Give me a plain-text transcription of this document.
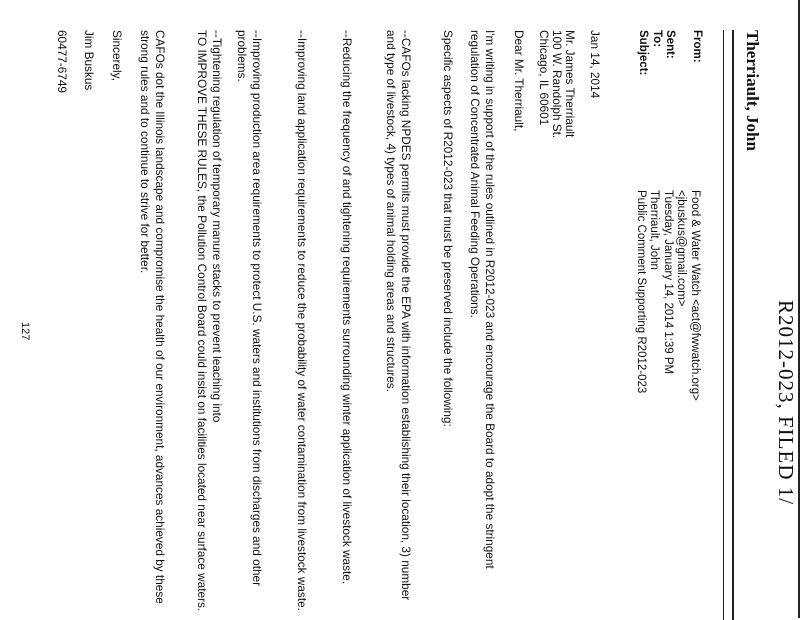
R2012-023, FILED 1/
Therriault, John
From:
Food & Water Watch <act@fwwatch.org>
<jbuskus@gmail.com>
Tuesday, January 14, 2014 1:39 PM
Therriault, John
Public Comment Supporting R2012-023
Sent:
To:
Subject:
Jan 14, 2014
Mr. James Therriault
100 W. Randolph St.
Chicago, IL 60601
Dear Mr. Therriault,
I'm writing in support of the rules outlined in R2012-023 and encourage the Board to adopt the stringent regulation of Concentrated Animal Feeding Operations.
Specific aspects of R2012-023 that must be preserved include the following:
--CAFOs lacking NPDES permits must provide the EPA with information establishing their location, 3) number and type of livestock, 4) types of animal holding areas and structures.
--Reducing the frequency of and tightening requirements surrounding winter application of livestock waste.
--Improving land application requirements to reduce the probability of water contamination from livestock waste.
--Improving production area requirements to protect U.S. waters and institutions from discharges and other problems.
--Tightening regulation of temporary manure stacks to prevent leaching into
TO IMPROVE THESE RULES, the Pollution Control Board could insist on facilities located near surface waters.
CAFOs dot the Illinois landscape and compromise the health of our environment, advances achieved by these strong rules and to continue to strive for better.
Sincerely,
Jim Buskus
60477-6749
127
